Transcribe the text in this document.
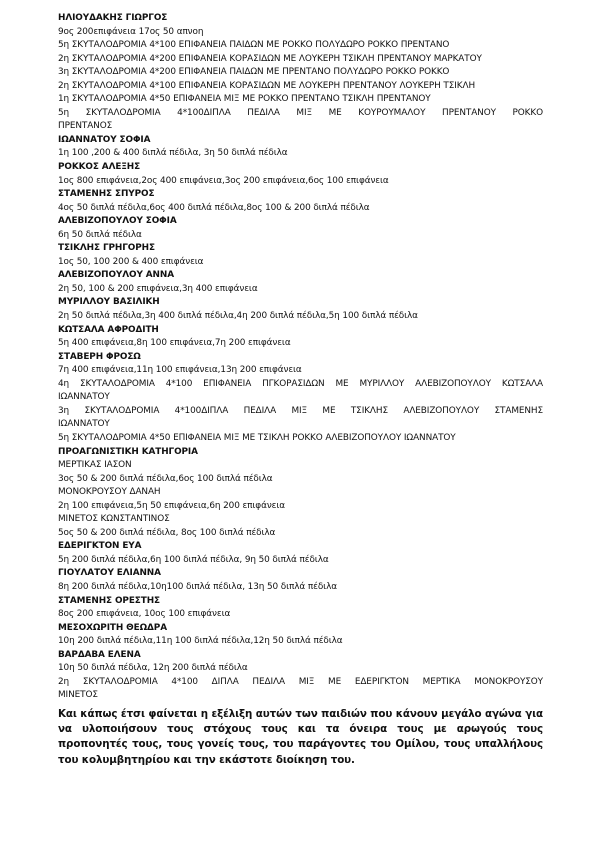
ΗΛΙΟΥΔΑΚΗΣ ΓΙΩΡΓΟΣ
9ος 200επιφάνεια 17ος 50 απνοη
5η ΣΚΥΤΑΛΟΔΡΟΜΙΑ 4*100 ΕΠΙΦΑΝΕΙΑ ΠΑΙΔΩΝ ΜΕ ΡΟΚΚΟ ΠΟΛΥΔΩΡΟ ΡΟΚΚΟ ΠΡΕΝΤΑΝΟ
2η ΣΚΥΤΑΛΟΔΡΟΜΙΑ 4*200 ΕΠΙΦΑΝΕΙΑ ΚΟΡΑΣΙΔΩΝ ΜΕ ΛΟΥΚΕΡΗ ΤΣΙΚΛΗ ΠΡΕΝΤΑΝΟΥ ΜΑΡΚΑΤΟΥ
3η ΣΚΥΤΑΛΟΔΡΟΜΙΑ 4*200 ΕΠΙΦΑΝΕΙΑ ΠΑΙΔΩΝ ΜΕ ΠΡΕΝΤΑΝΟ ΠΟΛΥΔΩΡΟ ΡΟΚΚΟ ΡΟΚΚΟ
2η ΣΚΥΤΑΛΟΔΡΟΜΙΑ 4*100 ΕΠΙΦΑΝΕΙΑ ΚΟΡΑΣΙΔΩΝ ΜΕ ΛΟΥΚΕΡΗ ΠΡΕΝΤΑΝΟΥ ΛΟΥΚΕΡΗ ΤΣΙΚΛΗ
1η ΣΚΥΤΑΛΟΔΡΟΜΙΑ 4*50 ΕΠΙΦΑΝΕΙΑ ΜΙΞ ΜΕ ΡΟΚΚΟ ΠΡΕΝΤΑΝΟ ΤΣΙΚΛΗ ΠΡΕΝΤΑΝΟΥ
5η ΣΚΥΤΑΛΟΔΡΟΜΙΑ 4*100ΔΙΠΛΑ ΠΕΔΙΛΑ ΜΙΞ ΜΕ ΚΟΥΡΟΥΜΑΛΟΥ ΠΡΕΝΤΑΝΟΥ ΡΟΚΚΟ
ΠΡΕΝΤΑΝΟΣ
ΙΩΑΝΝΑΤΟΥ ΣΟΦΙΑ
1η 100 ,200 & 400 διπλά πέδιλα, 3η 50 διπλά πέδιλα
ΡΟΚΚΟΣ ΑΛΕΞΗΣ
1ος 800 επιφάνεια,2ος 400 επιφάνεια,3ος 200 επιφάνεια,6ος 100 επιφάνεια
ΣΤΑΜΕΝΗΣ ΣΠΥΡΟΣ
4ος 50 διπλά πέδιλα,6ος 400 διπλά πέδιλα,8ος 100 & 200 διπλά πέδιλα
ΑΛΕΒΙΖΟΠΟΥΛΟΥ ΣΟΦΙΑ
6η 50 διπλά πέδιλα
ΤΣΙΚΛΗΣ ΓΡΗΓΟΡΗΣ
1ος 50, 100 200 & 400 επιφάνεια
ΑΛΕΒΙΖΟΠΟΥΛΟΥ ΑΝΝΑ
2η 50, 100 & 200 επιφάνεια,3η 400 επιφάνεια
ΜΥΡΙΛΛΟΥ ΒΑΣΙΛΙΚΗ
2η 50 διπλά πέδιλα,3η 400 διπλά πέδιλα,4η 200 διπλά πέδιλα,5η 100 διπλά πέδιλα
ΚΩΤΣΑΛΑ ΑΦΡΟΔΙΤΗ
5η 400 επιφάνεια,8η 100 επιφάνεια,7η 200 επιφάνεια
ΣΤΑΒΕΡΗ ΦΡΟΣΩ
7η 400 επιφάνεια,11η 100 επιφάνεια,13η 200 επιφάνεια
4η ΣΚΥΤΑΛΟΔΡΟΜΙΑ 4*100 ΕΠΙΦΑΝΕΙΑ ΠΓΚΟΡΑΣΙΔΩΝ ΜΕ ΜΥΡΙΛΛΟΥ ΑΛΕΒΙΖΟΠΟΥΛΟΥ ΚΩΤΣΑΛΑ
ΙΩΑΝΝΑΤΟΥ
3η ΣΚΥΤΑΛΟΔΡΟΜΙΑ 4*100ΔΙΠΛΑ ΠΕΔΙΛΑ ΜΙΞ ΜΕ ΤΣΙΚΛΗΣ ΑΛΕΒΙΖΟΠΟΥΛΟΥ ΣΤΑΜΕΝΗΣ
ΙΩΑΝΝΑΤΟΥ
5η ΣΚΥΤΑΛΟΔΡΟΜΙΑ 4*50 ΕΠΙΦΑΝΕΙΑ ΜΙΞ ΜΕ ΤΣΙΚΛΗ ΡΟΚΚΟ ΑΛΕΒΙΖΟΠΟΥΛΟΥ ΙΩΑΝΝΑΤΟΥ
ΠΡΟΑΓΩΝΙΣΤΙΚΗ ΚΑΤΗΓΟΡΙΑ
ΜΕΡΤΙΚΑΣ ΙΑΣΟΝ
3ος 50 & 200 διπλά πέδιλα,6ος 100 διπλά πέδιλα
ΜΟΝΟΚΡΟΥΣΟΥ ΔΑΝΑΗ
2η 100 επιφάνεια,5η 50 επιφάνεια,6η 200 επιφάνεια
ΜΙΝΕΤΟΣ ΚΩΝΣΤΑΝΤΙΝΟΣ
5ος 50 & 200 διπλά πέδιλα, 8ος 100 διπλά πέδιλα
ΕΔΕΡΙΓΚΤΟΝ ΕΥΑ
5η 200 διπλά πέδιλα,6η 100 διπλά πέδιλα, 9η 50 διπλά πέδιλα
ΓΙΟΥΛΑΤΟΥ ΕΛΙΑΝΝΑ
8η 200 διπλά πέδιλα,10η100 διπλά πέδιλα, 13η 50 διπλά πέδιλα
ΣΤΑΜΕΝΗΣ ΟΡΕΣΤΗΣ
8ος 200 επιφάνεια, 10ος 100 επιφάνεια
ΜΕΣΟΧΩΡΙΤΗ ΘΕΩΔΡΑ
10η 200 διπλά πέδιλα,11η 100 διπλά πέδιλα,12η 50 διπλά πέδιλα
ΒΑΡΔΑΒΑ ΕΛΕΝΑ
10η 50 διπλά πέδιλα, 12η 200 διπλά πέδιλα
2η ΣΚΥΤΑΛΟΔΡΟΜΙΑ 4*100 ΔΙΠΛΑ ΠΕΔΙΛΑ ΜΙΞ ΜΕ ΕΔΕΡΙΓΚΤΟΝ ΜΕΡΤΙΚΑ ΜΟΝΟΚΡΟΥΣΟΥ
ΜΙΝΕΤΟΣ
Και κάπως έτσι φαίνεται η εξέλιξη αυτών των παιδιών που κάνουν μεγάλο αγώνα για να υλοποιήσουν τους στόχους τους και τα όνειρα τους με αρωγούς τους προπονητές τους, τους γονείς τους, του παράγοντες του Ομίλου, τους υπαλλήλους του κολυμβητηρίου και την εκάστοτε διοίκηση του.
